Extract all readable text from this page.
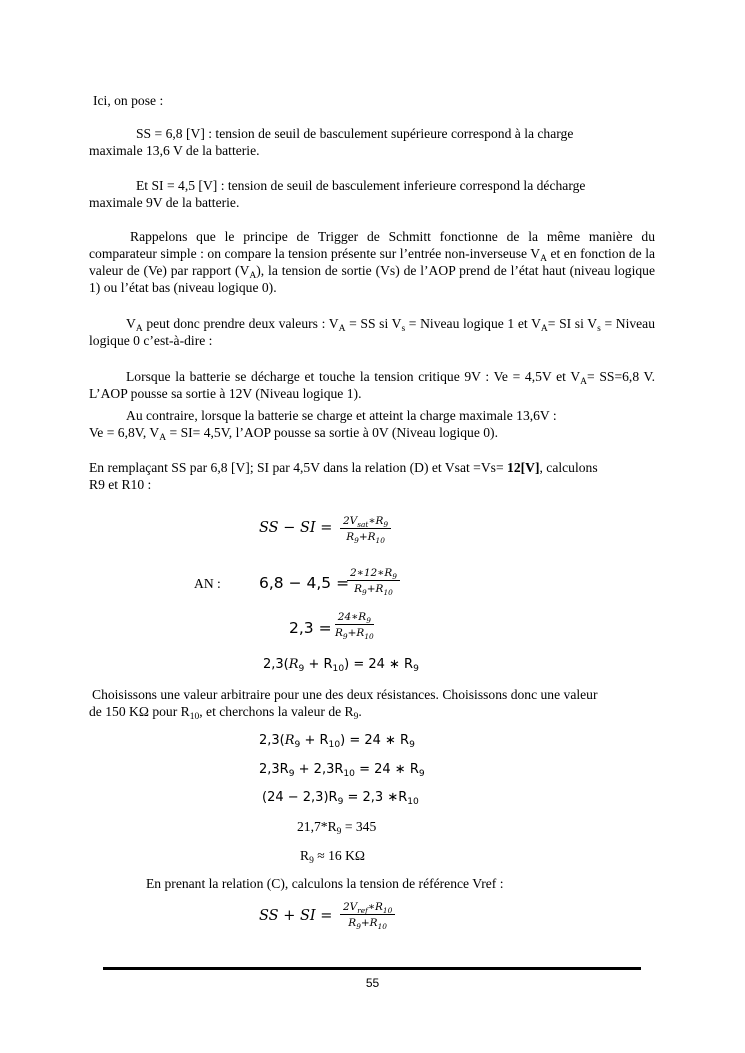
Ici, on pose :
SS = 6,8 [V] : tension de seuil de basculement supérieure correspond à la charge
maximale 13,6 V de la batterie.
Et SI = 4,5 [V] : tension de seuil de basculement inferieure correspond la décharge
maximale 9V de la batterie.
Rappelons que le principe de Trigger de Schmitt fonctionne de la même manière du comparateur simple : on compare la tension présente sur l’entrée non-inverseuse $V_A$ et en fonction de la valeur de (Ve) par rapport $(V_A)$, la tension de sortie (Vs) de l’AOP prend de l’état haut (niveau logique 1) ou l’état bas (niveau logique 0).
$V_A$ peut donc prendre deux valeurs : $V_A$ = SS si $V_s$ = Niveau logique 1 et $V_A=$ SI si $V_s$ = Niveau logique 0 c’est-à-dire :
Lorsque la batterie se décharge et touche la tension critique 9V : Ve = 4,5V et $V_A= SS=6,8$ V. L’AOP pousse sa sortie à 12V (Niveau logique 1).
Au contraire, lorsque la batterie se charge et atteint la charge maximale 13,6V :
Ve = 6,8V, $V_A = SI= 4,5V$, l’AOP pousse sa sortie à 0V (Niveau logique 0).
En remplaçant SS par 6,8 [V]; SI par 4,5V dans la relation (D) et Vsat =Vs= 12[V], calculons
R9 et R10 :
SS − SI = $2V_{sat}∗R_9$
$R_9+R_{10}$
AN : 6,8 − 4,5 =
$\frac{2∗12∗R_9}{R_9+R_{10}}$
$2,3 = \frac{24∗R_9}{R_9+R_{10}}$
$2,3(R_9 + R_{10}) = 24$ ∗ $R_9$
Choisissons une valeur arbitraire pour une des deux résistances. Choisissons donc une valeur
de 150 KΩ pour $R_{10}$, et cherchons la valeur de $R_9$.
$2,3(R_9 + R_{10}) = 24$ ∗ $R_9$
$2,3R_9 + 2,3R_{10} = 24$ ∗ $R_9$
$(24 - 2,3)R_9 = 2,3$ $∗R_{10}$
$21,7*R_9 = 345$
$R_9 \approx 16$ KΩ
En prenant la relation (C), calculons la tension de référence Vref :
SS + SI =
$2V_{ref}∗R_{10}$
$R_9+R_{10}$
55
